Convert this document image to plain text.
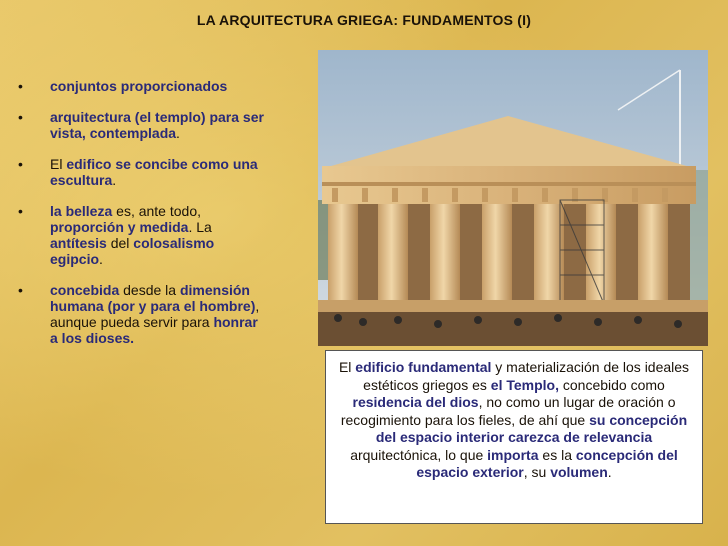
LA ARQUITECTURA GRIEGA: FUNDAMENTOS (I)
• conjuntos proporcionados
• arquitectura (el templo) para ser vista, contemplada.
• El edifico se concibe como una escultura.
• la belleza es, ante todo, proporción y medida. La antítesis del colosalismo egipcio.
• concebida desde la dimensión humana (por y para el hombre), aunque pueda servir para honrar a los dioses.
El edificio fundamental y materialización de los ideales estéticos griegos es el Templo, concebido como residencia del dios, no como un lugar de oración o recogimiento para los fieles, de ahí que su concepción del espacio interior carezca de relevancia arquitectónica, lo que importa es la concepción del espacio exterior, su volumen.
